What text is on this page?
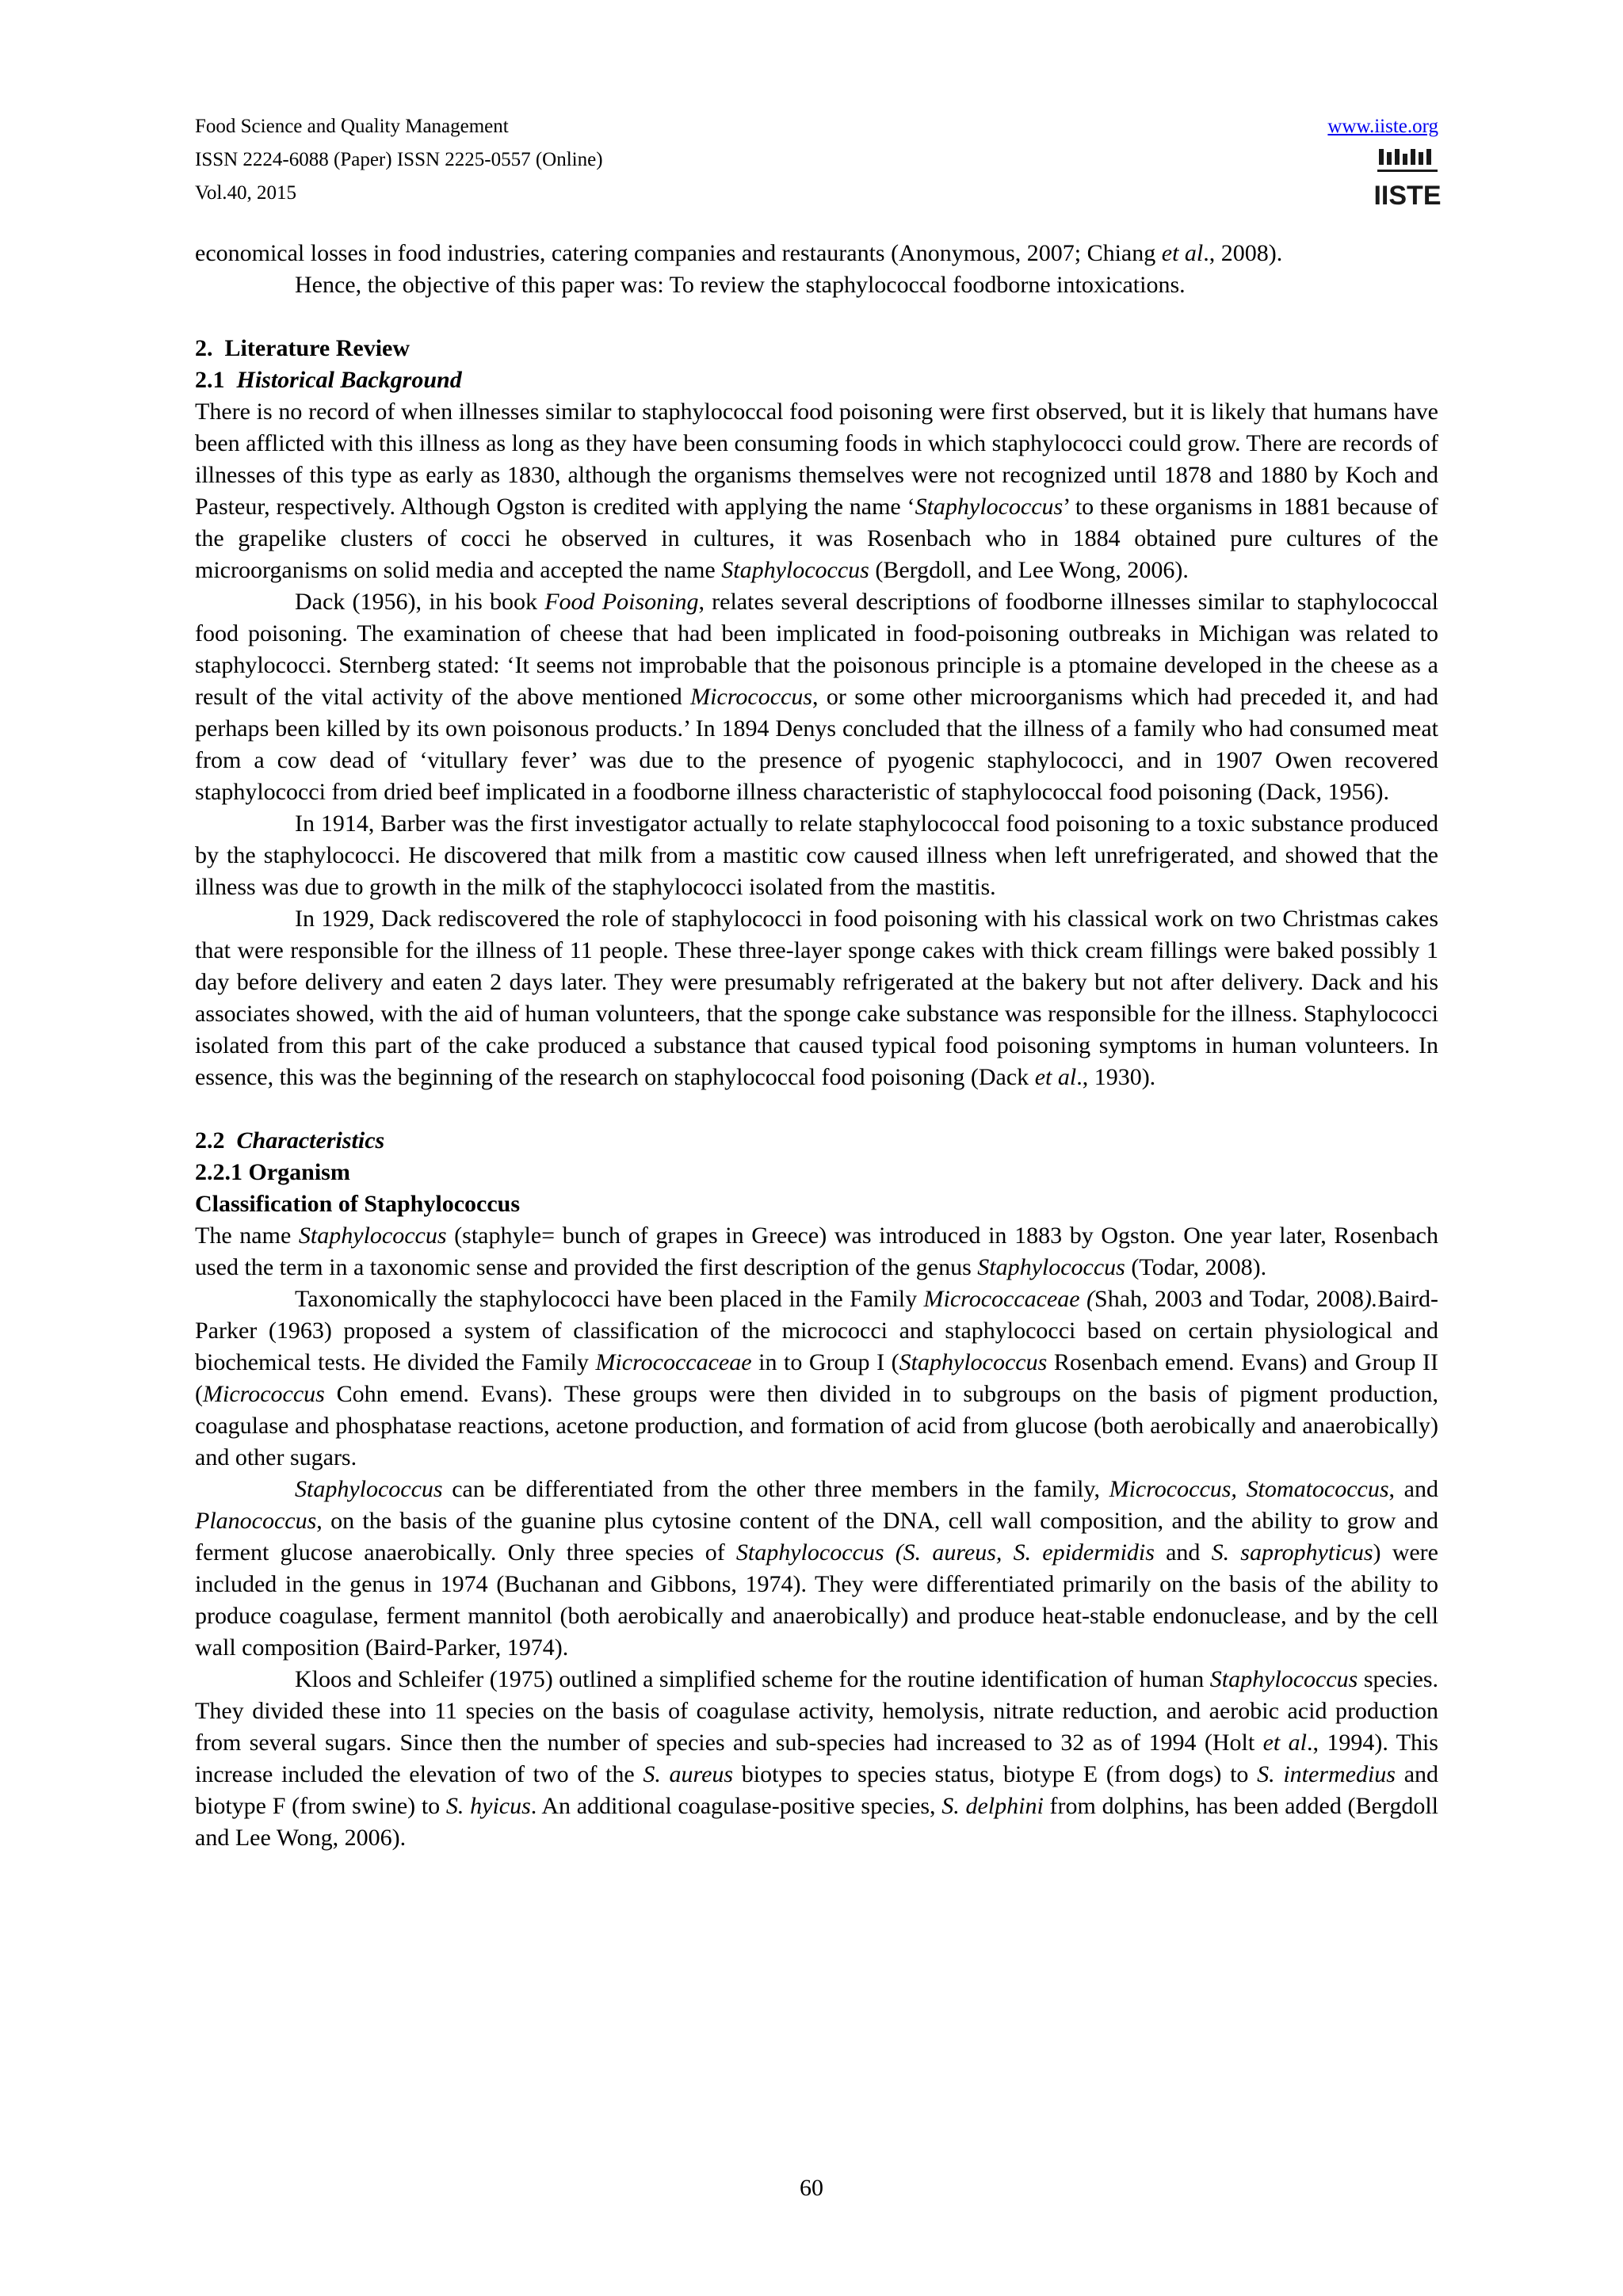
Food Science and Quality Management
ISSN 2224-6088 (Paper) ISSN 2225-0557 (Online)
Vol.40, 2015
www.iiste.org
IISTE

economical losses in food industries, catering companies and restaurants (Anonymous, 2007; Chiang et al., 2008).

Hence, the objective of this paper was: To review the staphylococcal foodborne intoxications.

2. Literature Review

2.1 Historical Background

There is no record of when illnesses similar to staphylococcal food poisoning were first observed, but it is likely that humans have been afflicted with this illness as long as they have been consuming foods in which staphylococci could grow. There are records of illnesses of this type as early as 1830, although the organisms themselves were not recognized until 1878 and 1880 by Koch and Pasteur, respectively. Although Ogston is credited with applying the name ‘Staphylococcus’ to these organisms in 1881 because of the grapelike clusters of cocci he observed in cultures, it was Rosenbach who in 1884 obtained pure cultures of the microorganisms on solid media and accepted the name Staphylococcus (Bergdoll, and Lee Wong, 2006).

Dack (1956), in his book Food Poisoning, relates several descriptions of foodborne illnesses similar to staphylococcal food poisoning. The examination of cheese that had been implicated in food-poisoning outbreaks in Michigan was related to staphylococci. Sternberg stated: ‘It seems not improbable that the poisonous principle is a ptomaine developed in the cheese as a result of the vital activity of the above mentioned Micrococcus, or some other microorganisms which had preceded it, and had perhaps been killed by its own poisonous products.’ In 1894 Denys concluded that the illness of a family who had consumed meat from a cow dead of ‘vitullary fever’ was due to the presence of pyogenic staphylococci, and in 1907 Owen recovered staphylococci from dried beef implicated in a foodborne illness characteristic of staphylococcal food poisoning (Dack, 1956).

In 1914, Barber was the first investigator actually to relate staphylococcal food poisoning to a toxic substance produced by the staphylococci. He discovered that milk from a mastitic cow caused illness when left unrefrigerated, and showed that the illness was due to growth in the milk of the staphylococci isolated from the mastitis.

In 1929, Dack rediscovered the role of staphylococci in food poisoning with his classical work on two Christmas cakes that were responsible for the illness of 11 people. These three-layer sponge cakes with thick cream fillings were baked possibly 1 day before delivery and eaten 2 days later. They were presumably refrigerated at the bakery but not after delivery. Dack and his associates showed, with the aid of human volunteers, that the sponge cake substance was responsible for the illness. Staphylococci isolated from this part of the cake produced a substance that caused typical food poisoning symptoms in human volunteers. In essence, this was the beginning of the research on staphylococcal food poisoning (Dack et al., 1930).

2.2 Characteristics

2.2.1 Organism

Classification of Staphylococcus

The name Staphylococcus (staphyle= bunch of grapes in Greece) was introduced in 1883 by Ogston. One year later, Rosenbach used the term in a taxonomic sense and provided the first description of the genus Staphylococcus (Todar, 2008).

Taxonomically the staphylococci have been placed in the Family Micrococcaceae (Shah, 2003 and Todar, 2008).Baird-Parker (1963) proposed a system of classification of the micrococci and staphylococci based on certain physiological and biochemical tests. He divided the Family Micrococcaceae in to Group I (Staphylococcus Rosenbach emend. Evans) and Group II (Micrococcus Cohn emend. Evans). These groups were then divided in to subgroups on the basis of pigment production, coagulase and phosphatase reactions, acetone production, and formation of acid from glucose (both aerobically and anaerobically) and other sugars.

Staphylococcus can be differentiated from the other three members in the family, Micrococcus, Stomatococcus, and Planococcus, on the basis of the guanine plus cytosine content of the DNA, cell wall composition, and the ability to grow and ferment glucose anaerobically. Only three species of Staphylococcus (S. aureus, S. epidermidis and S. saprophyticus) were included in the genus in 1974 (Buchanan and Gibbons, 1974). They were differentiated primarily on the basis of the ability to produce coagulase, ferment mannitol (both aerobically and anaerobically) and produce heat-stable endonuclease, and by the cell wall composition (Baird-Parker, 1974).

Kloos and Schleifer (1975) outlined a simplified scheme for the routine identification of human Staphylococcus species. They divided these into 11 species on the basis of coagulase activity, hemolysis, nitrate reduction, and aerobic acid production from several sugars. Since then the number of species and sub-species had increased to 32 as of 1994 (Holt et al., 1994). This increase included the elevation of two of the S. aureus biotypes to species status, biotype E (from dogs) to S. intermedius and biotype F (from swine) to S. hyicus. An additional coagulase-positive species, S. delphini from dolphins, has been added (Bergdoll and Lee Wong, 2006).

60
